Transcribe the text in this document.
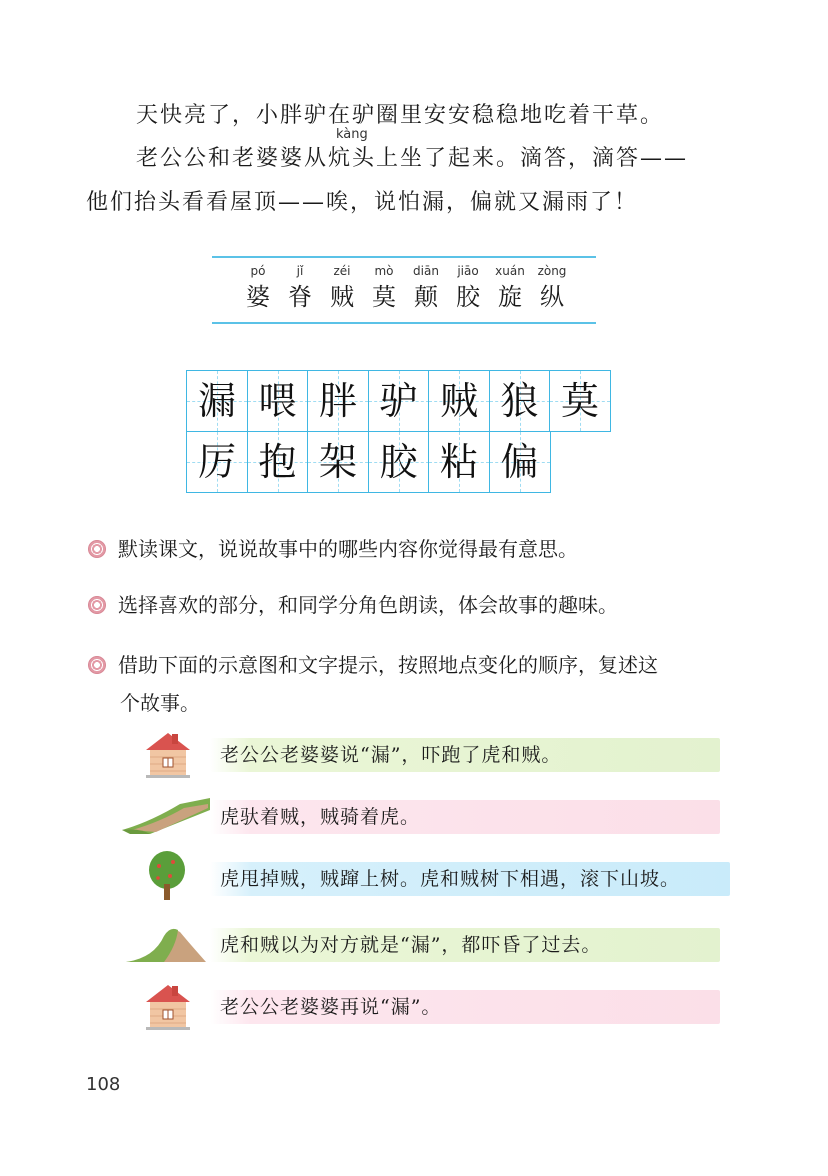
天快亮了，小胖驴在驴圈里安安稳稳地吃着干草。
kàng
老公公和老婆婆从炕头上坐了起来。滴答，滴答——
他们抬头看看屋顶——唉，说怕漏，偏就又漏雨了！
pó
婆
jǐ
脊
zéi
贼
mò
莫
diān
颠
jiāo
胶
xuán
旋
zòng
纵
漏 喂 胖 驴 贼 狼 莫
厉 抱 架 胶 粘 偏
默读课文，说说故事中的哪些内容你觉得最有意思。
选择喜欢的部分，和同学分角色朗读，体会故事的趣味。
借助下面的示意图和文字提示，按照地点变化的顺序，复述这
个故事。
老公公老婆婆说“漏”，吓跑了虎和贼。
虎驮着贼，贼骑着虎。
虎甩掉贼，贼蹿上树。虎和贼树下相遇，滚下山坡。
虎和贼以为对方就是“漏”，都吓昏了过去。
老公公老婆婆再说“漏”。
108
